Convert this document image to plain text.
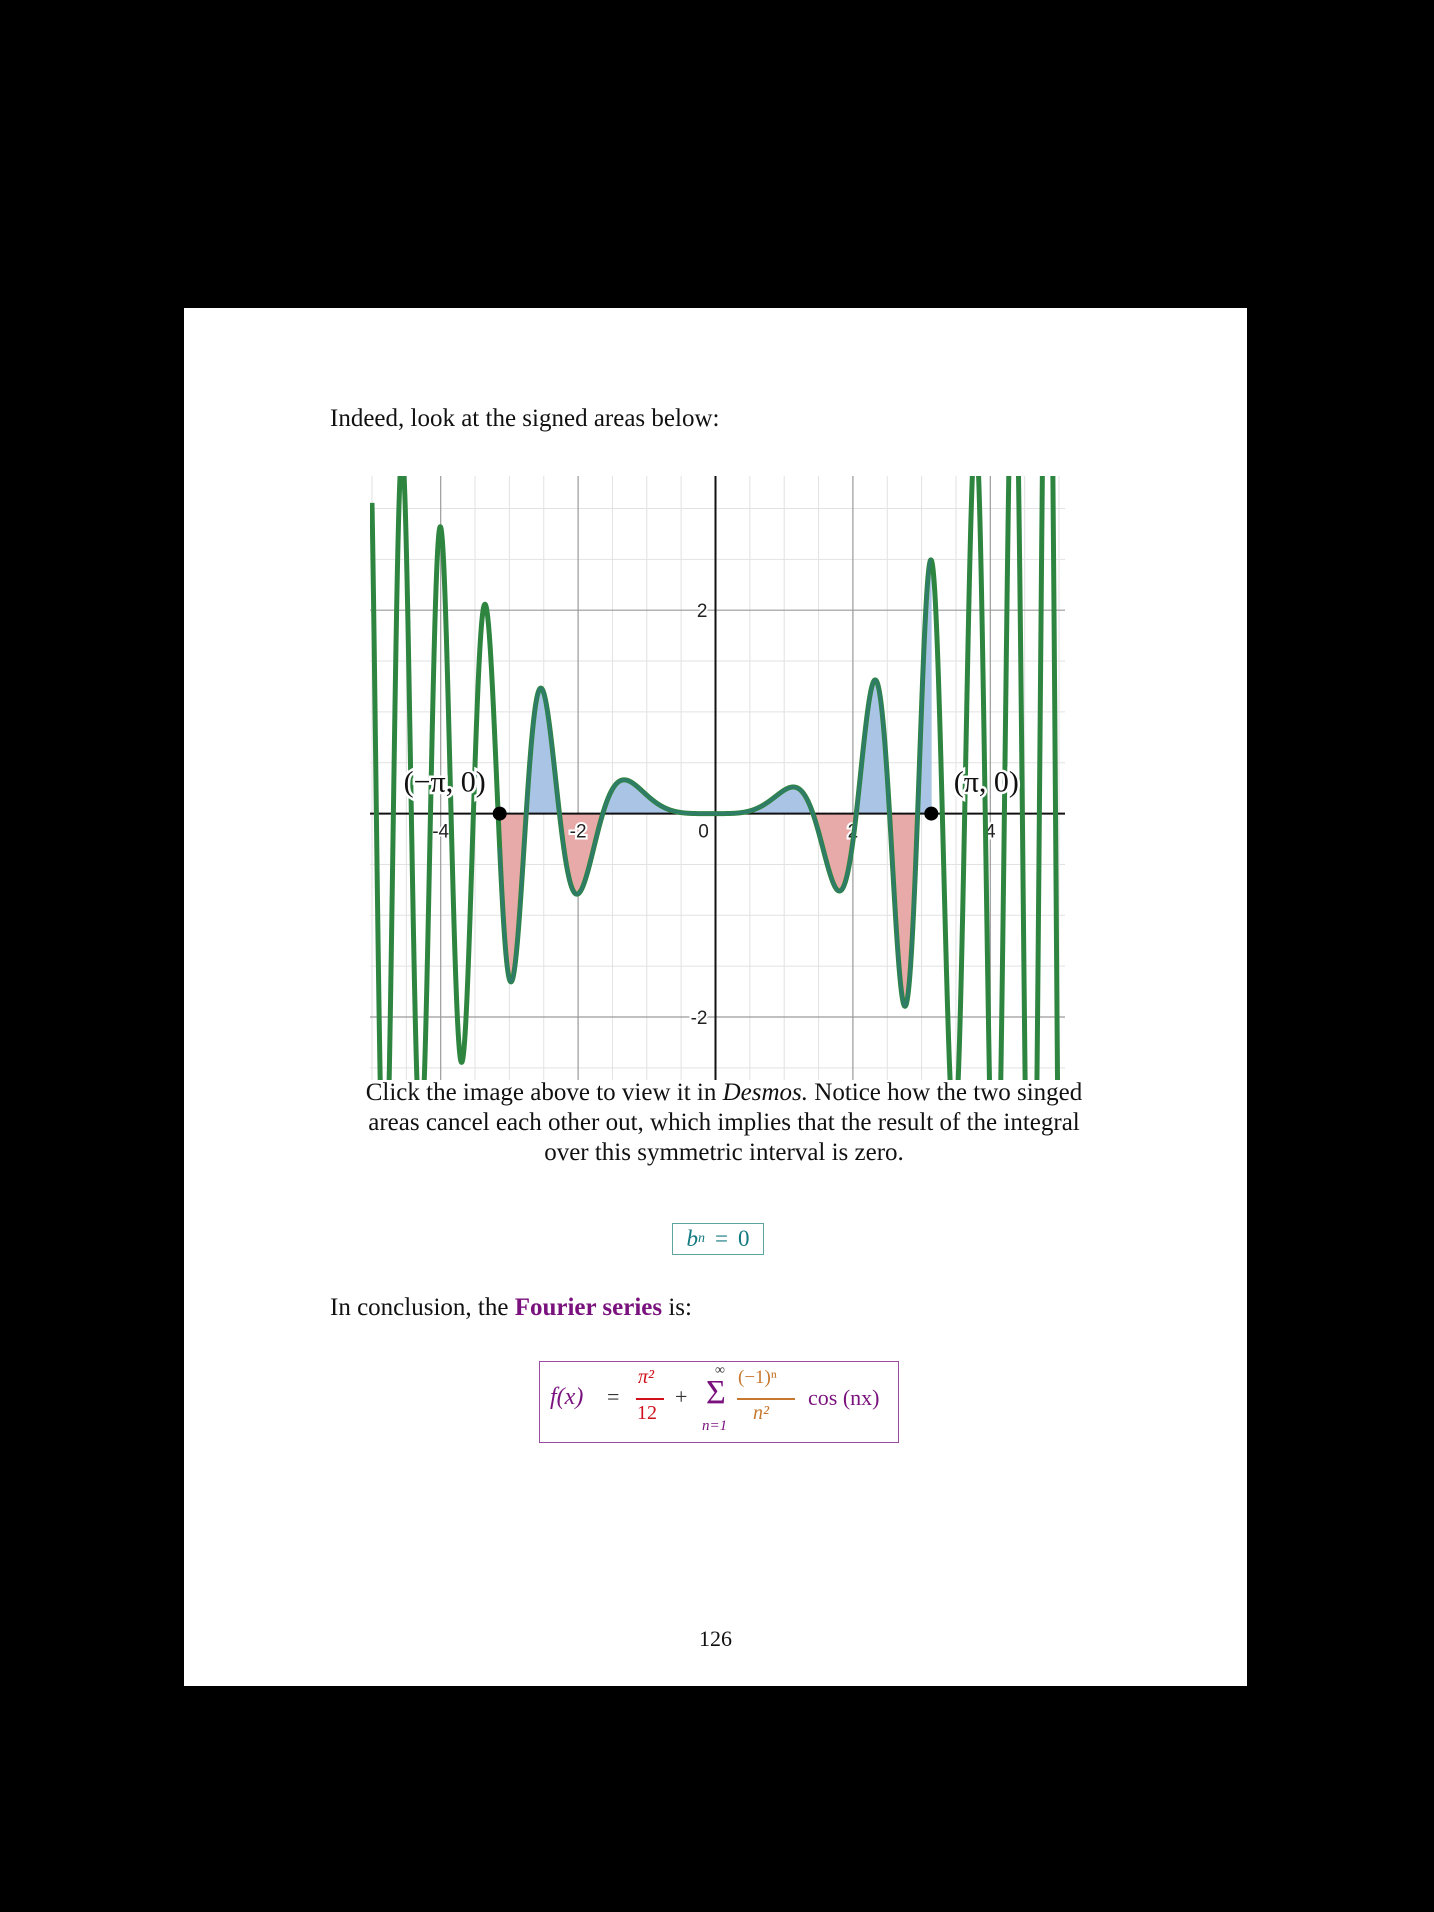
Indeed, look at the signed areas below:
-4	-2	0	2	4
2
-2
(−π, 0)	(π, 0)
Click the image above to view it in Desmos. Notice how the two singed areas cancel each other out, which implies that the result of the integral over this symmetric interval is zero.
b n = 0
In conclusion, the Fourier series is:
f(x) =
π²
12
+
∞
Σ
n=1
(−1)ⁿ
n²
cos (nx)
126
